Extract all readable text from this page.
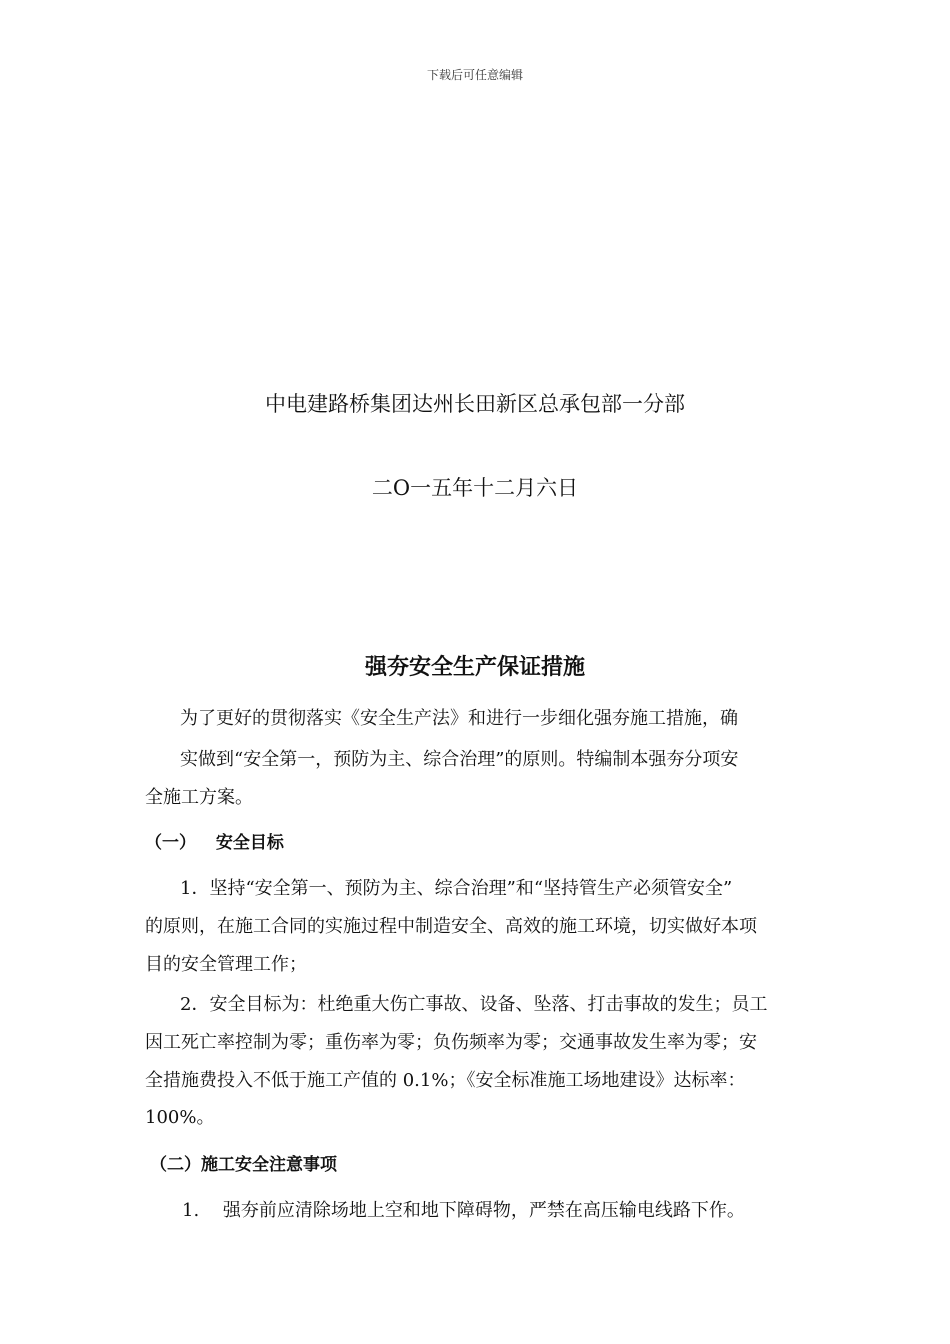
下载后可任意编辑

中电建路桥集团达州长田新区总承包部一分部

二O一五年十二月六日

强夯安全生产保证措施

为了更好的贯彻落实《安全生产法》和进行一步细化强夯施工措施，确

实做到“安全第一，预防为主、综合治理”的原则。特编制本强夯分项安

全施工方案。

（一） 安全目标

1．坚持“安全第一、预防为主、综合治理”和“坚持管生产必须管安全”

的原则，在施工合同的实施过程中制造安全、高效的施工环境，切实做好本项

目的安全管理工作；

2．安全目标为：杜绝重大伤亡事故、设备、坠落、打击事故的发生；员工

因工死亡率控制为零；重伤率为零；负伤频率为零；交通事故发生率为零；安

全措施费投入不低于施工产值的 0.1%；《安全标准施工场地建设》达标率：

100%。

（二）施工安全注意事项
1. 强夯前应清除场地上空和地下障碍物，严禁在高压输电线路下作。
